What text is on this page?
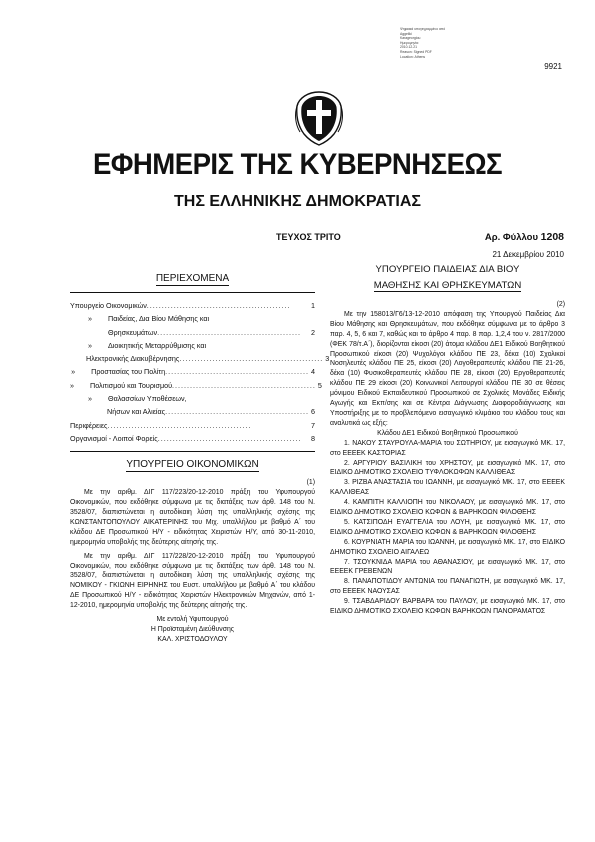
Ψηφιακά υπογεγραμμένο από
Aggeliki
Karageorgiou
Ημερομηνία:
2010.12.21
Reason: Signed PDF
Location: Athens
9921
ΕΦΗΜΕΡΙΣ ΤΗΣ ΚΥΒΕΡΝΗΣΕΩΣ
ΤΗΣ ΕΛΛΗΝΙΚΗΣ ΔΗΜΟΚΡΑΤΙΑΣ
ΤΕΥΧΟΣ ΤΡΙΤΟ	Αρ. Φύλλου 1208
21 Δεκεμβρίου 2010
ΠΕΡΙΕΧΟΜΕΝΑ
Υπουργείο Οικονομικών ................................................	1
»	Παιδείας, Δια Βίου Μάθησης και
Θρησκευμάτων ................................................	2
»	Διοικητικής Μεταρρύθμισης και
Ηλεκτρονικής Διακυβέρνησης ................................................ 3
»	Προστασίας του Πολίτη ................................................ 4
»	Πολιτισμού και Τουρισμού ................................................ 5
»	Θαλασσίων Υποθέσεων,
Νήσων και Αλιείας ................................................ 6
Περιφέρειες ................................................	7
Οργανισμοί - Λοιποί Φορείς ................................................	8
ΥΠΟΥΡΓΕΙΟ ΟΙΚΟΝΟΜΙΚΩΝ

(1)

Με την αριθμ. ΔΙΓ 117/223/20-12-2010 πράξη του Υφυπουργού Οικονομικών, που εκδόθηκε σύμφωνα με τις διατάξεις των άρθ. 148 του Ν. 3528/07, διαπιστώνεται η αυτοδίκαιη λύση της υπαλληλικής σχέσης της ΚΩΝΣΤΑΝΤΟΠΟΥΛΟΥ ΑΙΚΑΤΕΡΙΝΗΣ του Μιχ. υπαλλήλου με βαθμό Α΄ του κλάδου ΔΕ Προσωπικού Η/Υ - ειδικότητας Χειριστών Η/Υ, από 30-11-2010, ημερομηνία υποβολής της δεύτερης αίτησής της.

Με την αριθμ. ΔΙΓ 117/228/20-12-2010 πράξη του Υφυπουργού Οικονομικών, που εκδόθηκε σύμφωνα με τις διατάξεις των άρθ. 148 του Ν. 3528/07, διαπιστώνεται η αυτοδίκαιη λύση της υπαλληλικής σχέσης της ΝΟΜΙΚΟΥ - ΓΚΙΩΝΗ ΕΙΡΗΝΗΣ του Ευστ. υπαλλήλου με βαθμό Α΄ του κλάδου ΔΕ Προσωπικού Η/Υ - ειδικότητας Χειριστών Ηλεκτρονικών Μηχανών, από 1-12-2010, ημερομηνία υποβολής της δεύτερης αίτησής της.

Με εντολή Υφυπουργού

Η Προϊσταμένη Διεύθυνσης

ΚΑΛ. ΧΡΙΣΤΟΔΟΥΛΟΥ

ΥΠΟΥΡΓΕΙΟ ΠΑΙΔΕΙΑΣ ΔΙΑ ΒΙΟΥ
ΜΑΘΗΣΗΣ ΚΑΙ ΘΡΗΣΚΕΥΜΑΤΩΝ

(2)

Με την 158013/Γ6/13-12-2010 απόφαση της Υπουργού Παιδείας Δια Βίου Μάθησης και Θρησκευμάτων, που εκδόθηκε σύμφωνα με το άρθρο 3 παρ. 4, 5, 6 και 7, καθώς και το άρθρο 4 παρ. 8 παρ. 1,2,4 του ν. 2817/2000 (ΦΕΚ 78/τ.Α΄), διορίζονται είκοσι (20) άτομα κλάδου ΔΕ1 Ειδικού Βοηθητικού Προσωπικού είκοσι (20) Ψυχολόγοι κλάδου ΠΕ 23, δέκα (10) Σχολικοί Νοσηλευτές κλάδου ΠΕ 25, είκοσι (20) Λογοθεραπευτές κλάδου ΠΕ 21-26, δέκα (10) Φυσικοθεραπευτές κλάδου ΠΕ 28, είκοσι (20) Εργοθεραπευτές κλάδου ΠΕ 29 είκοσι (20) Κοινωνικοί Λειτουργοί κλάδου ΠΕ 30 σε θέσεις μόνιμου Ειδικού Εκπαιδευτικού Προσωπικού σε Σχολικές Μονάδες Ειδικής Αγωγής και Εκπ/σης και σε Κέντρα Διάγνωσης Διαφοροδιάγνωσης και Υποστήριξης με το προβλεπόμενο εισαγωγικό κλιμάκιο του κλάδου τους και αναλυτικά ως εξής:

Κλάδου ΔΕ1 Ειδικού Βοηθητικού Προσωπικού

1. ΝΑΚΟΥ ΣΤΑΥΡΟΥΛΑ-ΜΑΡΙΑ του ΣΩΤΗΡΙΟΥ, με εισαγωγικό ΜΚ. 17, στο ΕΕΕΕΚ ΚΑΣΤΟΡΙΑΣ

2. ΑΡΓΥΡΙΟΥ ΒΑΣΙΛΙΚΗ του ΧΡΗΣΤΟΥ, με εισαγωγικό ΜΚ. 17, στο ΕΙΔΙΚΟ ΔΗΜΟΤΙΚΟ ΣΧΟΛΕΙΟ ΤΥΦΛΟΚΩΦΩΝ ΚΑΛΛΙΘΕΑΣ

3. ΡΙΖΒΑ ΑΝΑΣΤΑΣΙΑ του ΙΩΑΝΝΗ, με εισαγωγικό ΜΚ. 17, στο ΕΕΕΕΚ ΚΑΛΛΙΘΕΑΣ

4. ΚΑΜΠΙΤΗ ΚΑΛΛΙΟΠΗ του ΝΙΚΟΛΑΟΥ, με εισαγωγικό ΜΚ. 17, στο ΕΙΔΙΚΟ ΔΗΜΟΤΙΚΟ ΣΧΟΛΕΙΟ ΚΩΦΩΝ & ΒΑΡΗΚΟΩΝ ΦΙΛΟΘΕΗΣ

5. ΚΑΤΣΙΠΟΔΗ ΕΥΑΓΓΕΛΙΑ του ΛΟΥΗ, με εισαγωγικό ΜΚ. 17, στο ΕΙΔΙΚΟ ΔΗΜΟΤΙΚΟ ΣΧΟΛΕΙΟ ΚΩΦΩΝ & ΒΑΡΗΚΟΩΝ ΦΙΛΟΘΕΗΣ

6. ΚΟΥΡΝΙΑΤΗ ΜΑΡΙΑ του ΙΩΑΝΝΗ, με εισαγωγικό ΜΚ. 17, στο ΕΙΔΙΚΟ ΔΗΜΟΤΙΚΟ ΣΧΟΛΕΙΟ ΑΙΓΑΛΕΩ

7. ΤΣΟΥΚΝΙΔΑ ΜΑΡΙΑ του ΑΘΑΝΑΣΙΟΥ, με εισαγωγικό ΜΚ. 17, στο ΕΕΕΕΚ ΓΡΕΒΕΝΩΝ

8. ΠΑΝΑΠΟΤΙΔΟΥ ΑΝΤΩΝΙΑ του ΠΑΝΑΓΙΩΤΗ, με εισαγωγικό ΜΚ. 17, στο ΕΕΕΕΚ ΝΑΟΥΣΑΣ

9. ΤΣΑΒΔΑΡΙΔΟΥ ΒΑΡΒΑΡΑ του ΠΑΥΛΟΥ, με εισαγωγικό ΜΚ. 17, στο ΕΙΔΙΚΟ ΔΗΜΟΤΙΚΟ ΣΧΟΛΕΙΟ ΚΩΦΩΝ ΒΑΡΗΚΟΩΝ ΠΑΝΟΡΑΜΑΤΟΣ
